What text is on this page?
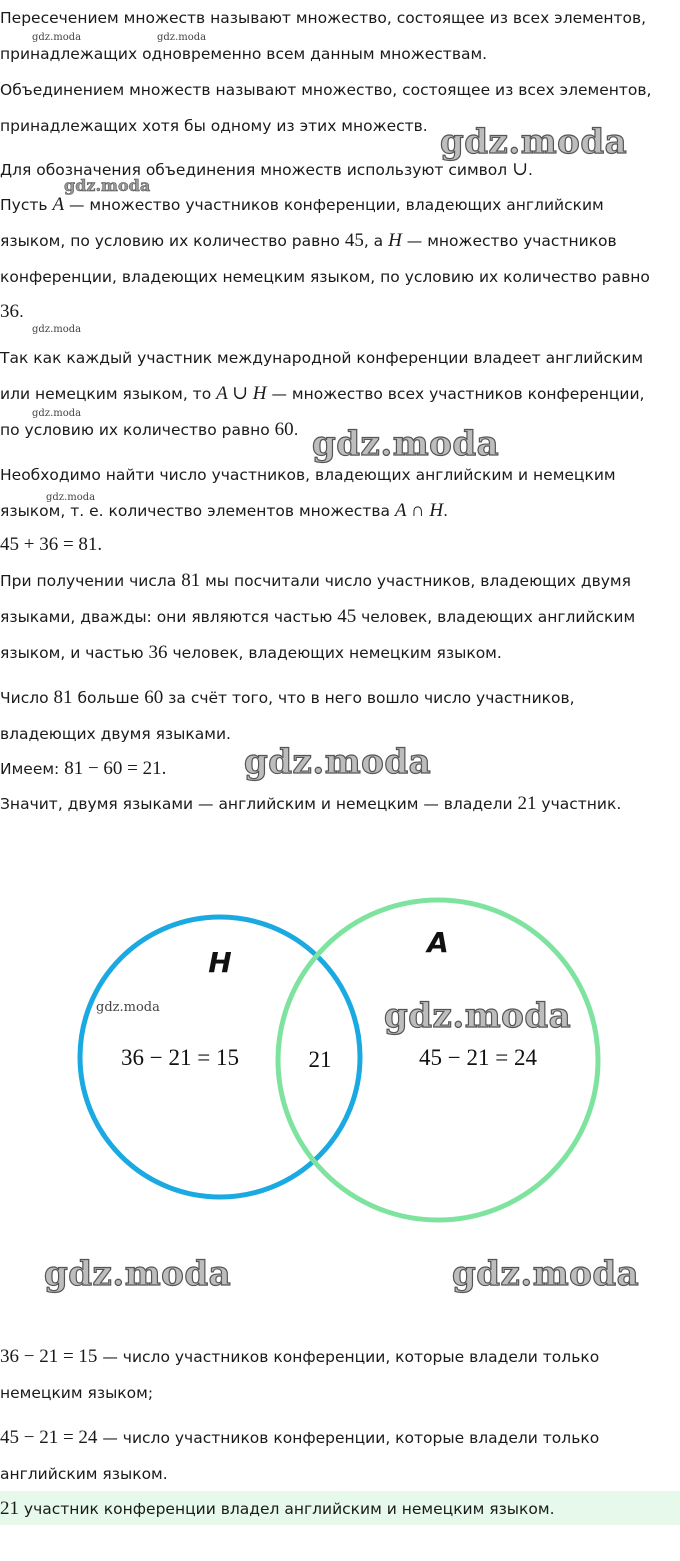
Пересечением множеств называют множество, состоящее из всех элементов,
принадлежащих одновременно всем данным множествам.
Объединением множеств называют множество, состоящее из всех элементов,
принадлежащих хотя бы одному из этих множеств.
Для обозначения объединения множеств используют символ ∪.
Пусть A — множество участников конференции, владеющих английским
языком, по условию их количество равно 45, а H — множество участников
конференции, владеющих немецким языком, по условию их количество равно
36.
Так как каждый участник международной конференции владеет английским
или немецким языком, то A ∪ H — множество всех участников конференции,
по условию их количество равно 60.
Необходимо найти число участников, владеющих английским и немецким
языком, т. е. количество элементов множества A ∩ H.
45 + 36 = 81.
При получении числа 81 мы посчитали число участников, владеющих двумя
языками, дважды: они являются частью 45 человек, владеющих английским
языком, и частью 36 человек, владеющих немецким языком.
Число 81 больше 60 за счёт того, что в него вошло число участников,
владеющих двумя языками.
Имеем: 81 − 60 = 21.
Значит, двумя языками — английским и немецким — владели 21 участник.
H
A
36 − 21 = 15	21	45 − 21 = 24
36 − 21 = 15 — число участников конференции, которые владели только
немецким языком;
45 − 21 = 24 — число участников конференции, которые владели только
английским языком.
21 участник конференции владел английским и немецким языком.
gdz.moda	gdz.moda
gdz.moda
gdz.moda
gdz.moda
gdz.moda
gdz.moda
gdz.moda
gdz.moda
gdz.moda	gdz.moda
gdz.moda	gdz.moda
